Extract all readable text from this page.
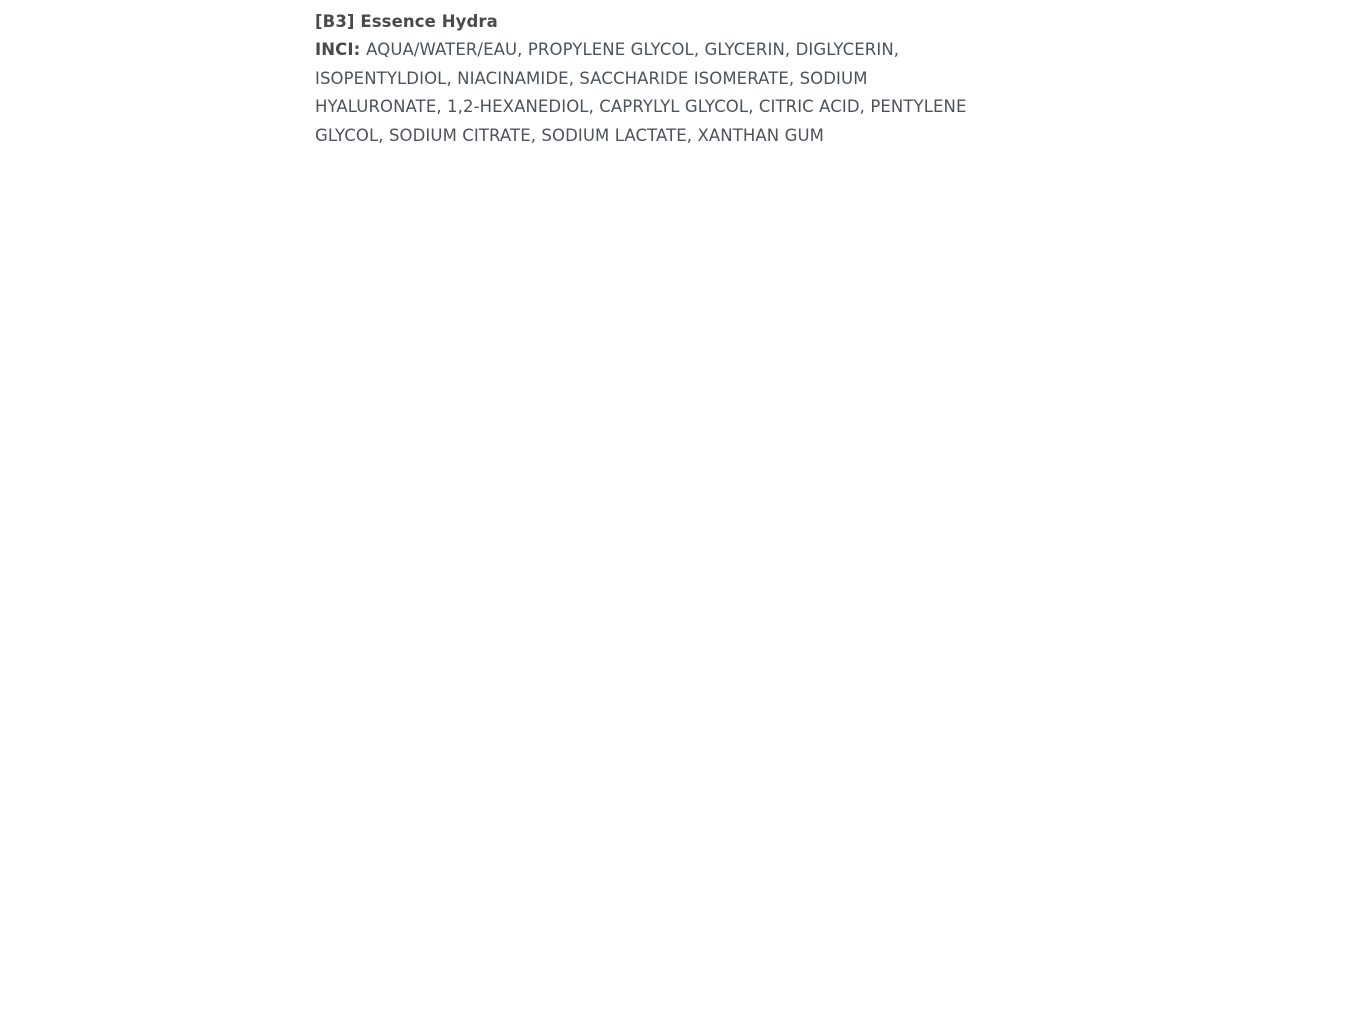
[B3] Essence Hydra

INCI: AQUA/WATER/EAU, PROPYLENE GLYCOL, GLYCERIN, DIGLYCERIN, ISOPENTYLDIOL, NIACINAMIDE, SACCHARIDE ISOMERATE, SODIUM HYALURONATE, 1,2-HEXANEDIOL, CAPRYLYL GLYCOL, CITRIC ACID, PENTYLENE GLYCOL, SODIUM CITRATE, SODIUM LACTATE, XANTHAN GUM
